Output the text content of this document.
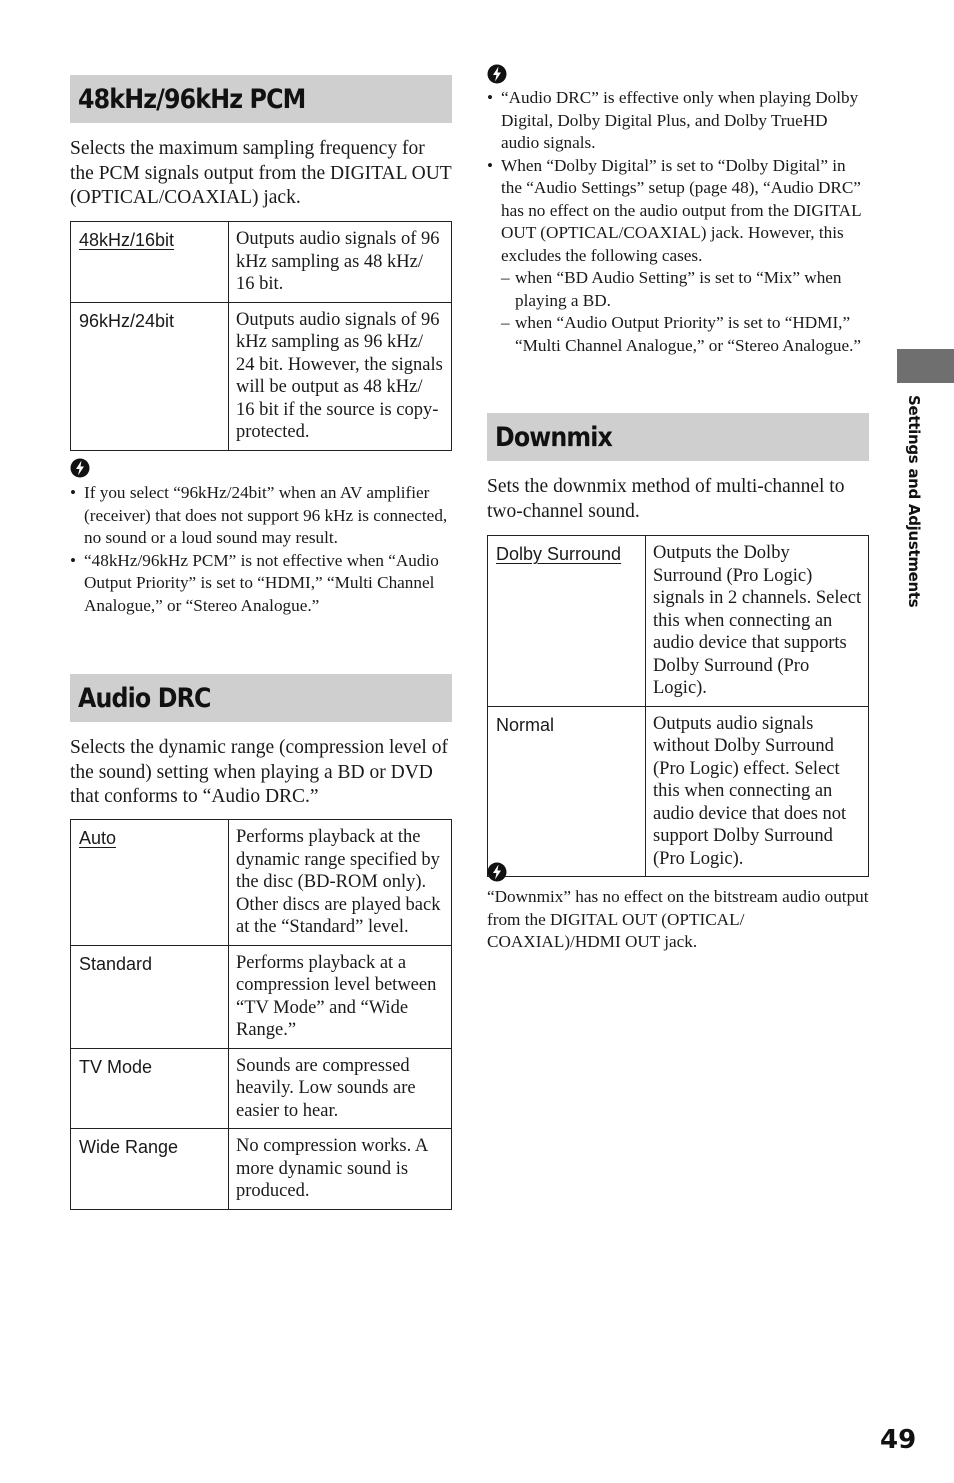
48kHz/96kHz PCM

Selects the maximum sampling frequency for the PCM signals output from the DIGITAL OUT (OPTICAL/COAXIAL) jack.

48kHz/16bit	Outputs audio signals of 96 kHz sampling as 48 kHz/ 16 bit.
96kHz/24bit	Outputs audio signals of 96 kHz sampling as 96 kHz/ 24 bit. However, the signals will be output as 48 kHz/ 16 bit if the source is copy-protected.
• If you select “96kHz/24bit” when an AV amplifier (receiver) that does not support 96 kHz is connected, no sound or a loud sound may result.
• “48kHz/96kHz PCM” is not effective when “Audio Output Priority” is set to “HDMI,” “Multi Channel Analogue,” or “Stereo Analogue.”
Audio DRC

Selects the dynamic range (compression level of the sound) setting when playing a BD or DVD that conforms to “Audio DRC.”

Auto	Performs playback at the dynamic range specified by the disc (BD-ROM only). Other discs are played back at the “Standard” level.
Standard	Performs playback at a compression level between “TV Mode” and “Wide Range.”
TV Mode	Sounds are compressed heavily. Low sounds are easier to hear.
Wide Range	No compression works. A more dynamic sound is produced.
• “Audio DRC” is effective only when playing Dolby Digital, Dolby Digital Plus, and Dolby TrueHD audio signals.
• When “Dolby Digital” is set to “Dolby Digital” in the “Audio Settings” setup (page 48), “Audio DRC” has no effect on the audio output from the DIGITAL OUT (OPTICAL/COAXIAL) jack. However, this excludes the following cases.
– when “BD Audio Setting” is set to “Mix” when playing a BD.
– when “Audio Output Priority” is set to “HDMI,” “Multi Channel Analogue,” or “Stereo Analogue.”
Downmix

Sets the downmix method of multi-channel to two-channel sound.

Dolby Surround	Outputs the Dolby Surround (Pro Logic) signals in 2 channels. Select this when connecting an audio device that supports Dolby Surround (Pro Logic).
Normal	Outputs audio signals without Dolby Surround (Pro Logic) effect. Select this when connecting an audio device that does not support Dolby Surround (Pro Logic).

“Downmix” has no effect on the bitstream audio output from the DIGITAL OUT (OPTICAL/ COAXIAL)/HDMI OUT jack.

Settings and Adjustments
49
